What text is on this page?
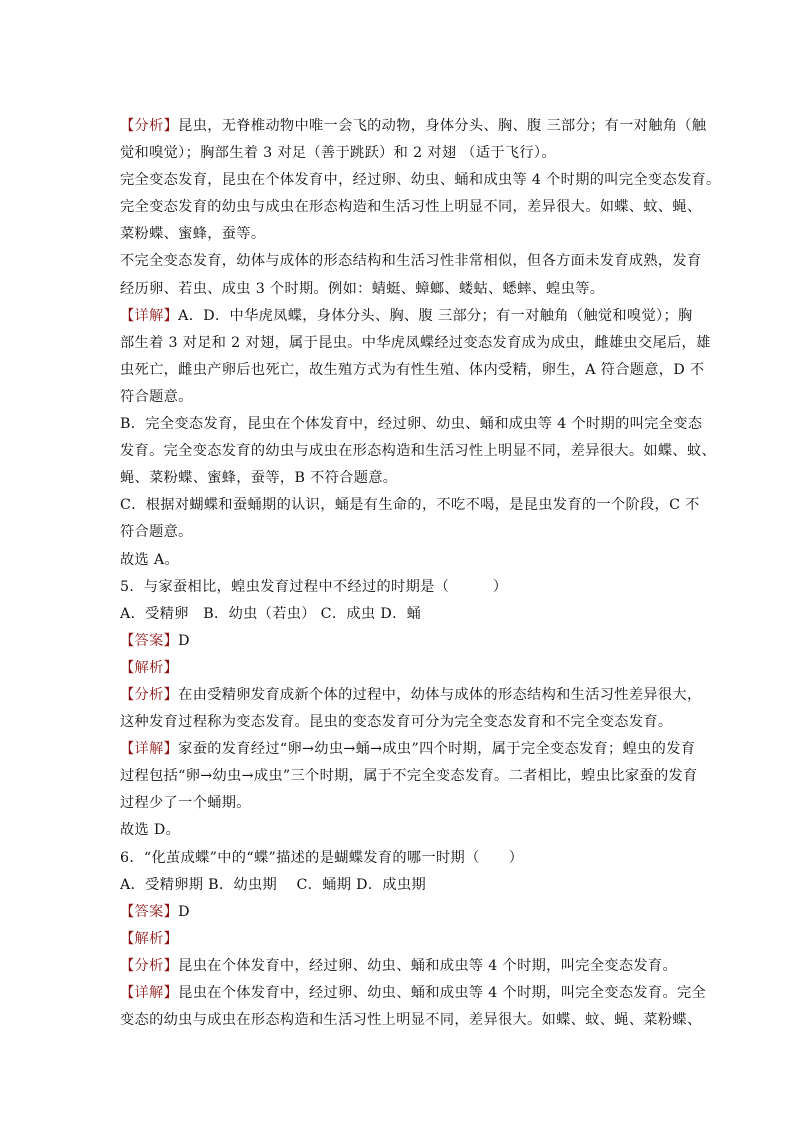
【分析】昆虫，无脊椎动物中唯一会飞的动物，身体分头、胸、腹 三部分；有一对触角（触
觉和嗅觉）；胸部生着 3 对足（善于跳跃）和 2 对翅 （适于飞行）。
完全变态发育，昆虫在个体发育中，经过卵、幼虫、蛹和成虫等 4 个时期的叫完全变态发育。
完全变态发育的幼虫与成虫在形态构造和生活习性上明显不同，差异很大。如蝶、蚊、蝇、
菜粉蝶、蜜蜂，蚕等。
不完全变态发育，幼体与成体的形态结构和生活习性非常相似，但各方面未发育成熟，发育
经历卵、若虫、成虫 3 个时期。例如：蜻蜓、蟑螂、蝼蛄、蟋蟀、蝗虫等。
【详解】A．D．中华虎凤蝶，身体分头、胸、腹 三部分；有一对触角（触觉和嗅觉）；胸
部生着 3 对足和 2 对翅，属于昆虫。中华虎凤蝶经过变态发育成为成虫，雌雄虫交尾后，雄
虫死亡，雌虫产卵后也死亡，故生殖方式为有性生殖、体内受精，卵生，A 符合题意，D 不
符合题意。
B．完全变态发育，昆虫在个体发育中，经过卵、幼虫、蛹和成虫等 4 个时期的叫完全变态
发育。完全变态发育的幼虫与成虫在形态构造和生活习性上明显不同，差异很大。如蝶、蚊、
蝇、菜粉蝶、蜜蜂，蚕等，B 不符合题意。
C．根据对蝴蝶和蚕蛹期的认识，蛹是有生命的，不吃不喝，是昆虫发育的一个阶段，C 不
符合题意。
故选 A。
5．与家蚕相比，蝗虫发育过程中不经过的时期是（　　　）
A．受精卵　B．幼虫（若虫） C．成虫 D．蛹
【答案】D
【解析】
【分析】在由受精卵发育成新个体的过程中，幼体与成体的形态结构和生活习性差异很大，
这种发育过程称为变态发育。昆虫的变态发育可分为完全变态发育和不完全变态发育。
【详解】家蚕的发育经过“卵→幼虫→蛹→成虫”四个时期，属于完全变态发育；蝗虫的发育
过程包括“卵→幼虫→成虫”三个时期，属于不完全变态发育。二者相比，蝗虫比家蚕的发育
过程少了一个蛹期。
故选 D。
6．“化茧成蝶”中的“蝶”描述的是蝴蝶发育的哪一时期（　　）
A．受精卵期 B．幼虫期　 C．蛹期 D．成虫期
【答案】D
【解析】
【分析】昆虫在个体发育中，经过卵、幼虫、蛹和成虫等 4 个时期，叫完全变态发育。
【详解】昆虫在个体发育中，经过卵、幼虫、蛹和成虫等 4 个时期，叫完全变态发育。完全
变态的幼虫与成虫在形态构造和生活习性上明显不同，差异很大。如蝶、蚊、蝇、菜粉蝶、
